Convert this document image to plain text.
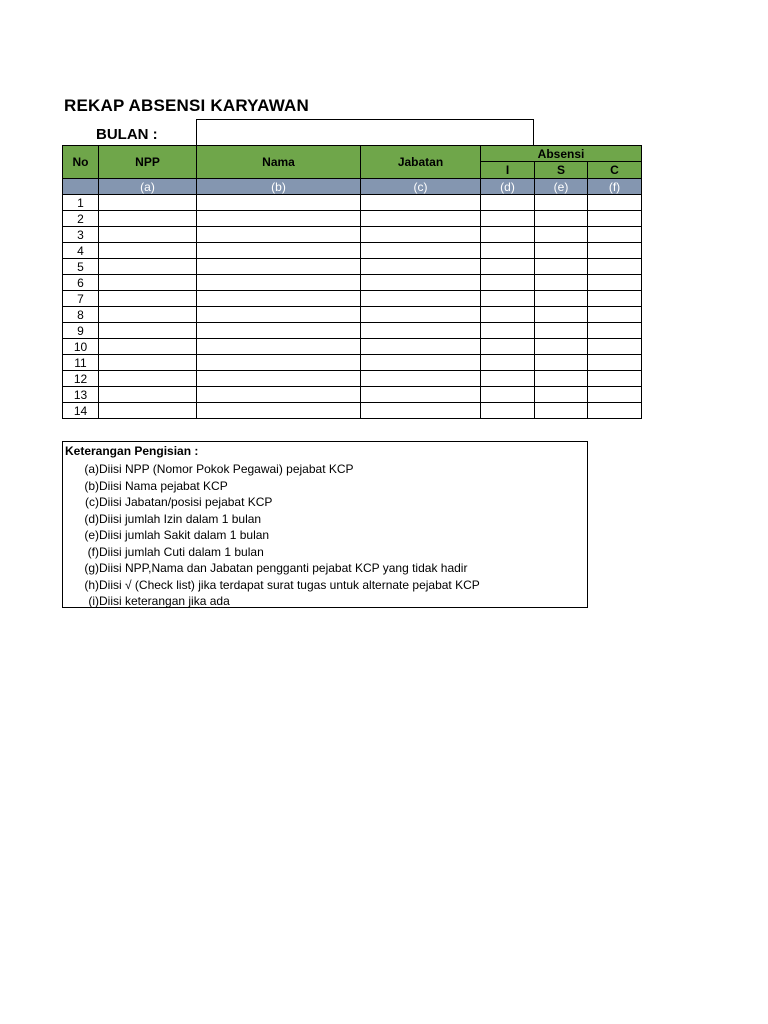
REKAP ABSENSI KARYAWAN
BULAN :
No	NPP	Nama	Jabatan	Absensi		
				I	S	C
	(a)	(b)	(c)	(d)	(e)	(f)
1						
2						
3						
4						
5						
6						
7						
8						
9						
10						
11						
12						
13						
14						
Keterangan Pengisian :
(a)Diisi NPP (Nomor Pokok Pegawai) pejabat KCP
(b)Diisi Nama pejabat KCP
(c)Diisi Jabatan/posisi pejabat KCP
(d)Diisi jumlah Izin dalam 1 bulan
(e)Diisi jumlah Sakit dalam 1 bulan
(f)Diisi jumlah Cuti dalam 1 bulan
(g)Diisi NPP,Nama dan Jabatan pengganti pejabat KCP yang tidak hadir
(h)Diisi √ (Check list) jika terdapat surat tugas untuk alternate pejabat KCP
(i)Diisi keterangan jika ada
